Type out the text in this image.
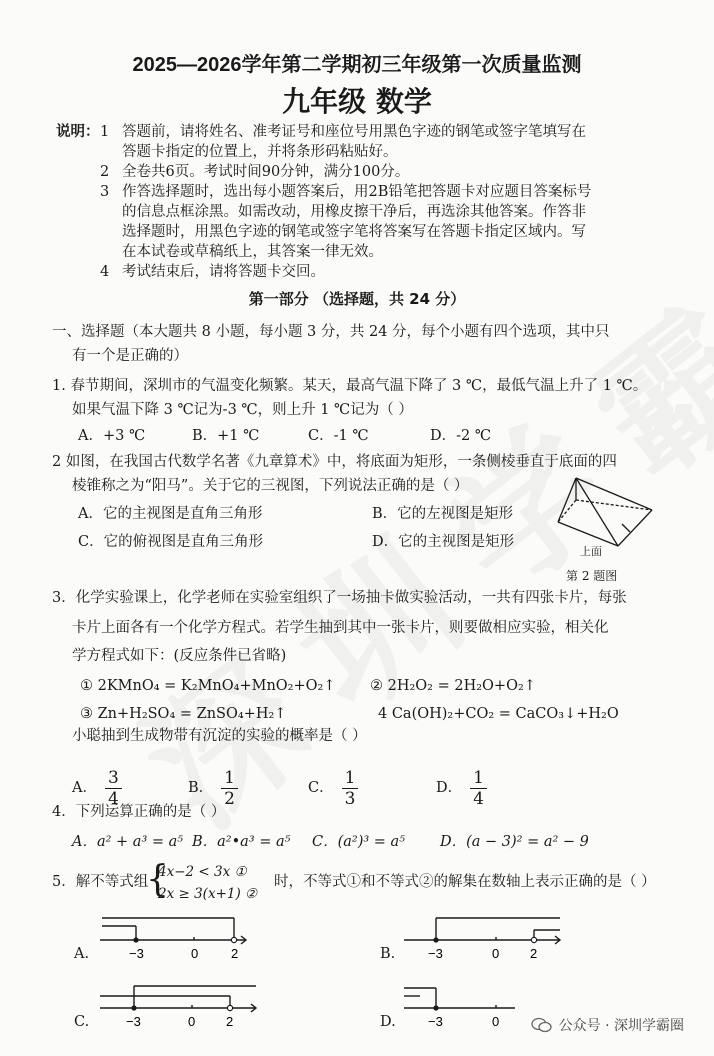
2025—2026学年第二学期初三年级第一次质量监测
九年级 数学
说明： 1 答题前，请将姓名、准考证号和座位号用黑色字迹的钢笔或签字笔填写在
答题卡指定的位置上，并将条形码粘贴好。
2 全卷共6页。考试时间90分钟，满分100分。
3 作答选择题时，选出每小题答案后，用2B铅笔把答题卡对应题目答案标号
的信息点框涂黑。如需改动，用橡皮擦干净后，再选涂其他答案。作答非
选择题时，用黑色字迹的钢笔或签字笔将答案写在答题卡指定区域内。写
在本试卷或草稿纸上，其答案一律无效。
4 考试结束后，请将答题卡交回。
第一部分 （选择题，共 24 分）
一、选择题（本大题共 8 小题，每小题 3 分，共 24 分，每个小题有四个选项，其中只
有一个是正确的）
1. 春节期间，深圳市的气温变化频繁。某天，最高气温下降了 3 ℃，最低气温上升了 1 ℃。
如果气温下降 3 ℃记为-3 ℃，则上升 1 ℃记为（ ）
A．+3 ℃	B．+1 ℃	C．-1 ℃	D．-2 ℃
2 如图，在我国古代数学名著《九章算术》中，将底面为矩形，一条侧棱垂直于底面的四
棱锥称之为“阳马”。关于它的三视图，下列说法正确的是（ ）
A．它的主视图是直角三角形	B．它的左视图是矩形
C．它的俯视图是直角三角形	D．它的主视图是矩形
上面
第 2 题图
3．化学实验课上，化学老师在实验室组织了一场抽卡做实验活动，一共有四张卡片，每张
卡片上面各有一个化学方程式。若学生抽到其中一张卡片，则要做相应实验，相关化
学方程式如下：(反应条件已省略)
① 2KMnO₄ = K₂MnO₄+MnO₂+O₂↑ ② 2H₂O₂ = 2H₂O+O₂↑
③ Zn+H₂SO₄ = ZnSO₄+H₂↑	4 Ca(OH)₂+CO₂ = CaCO₃↓+H₂O
小聪抽到生成物带有沉淀的实验的概率是（ ）
A． $\frac{3}{4}$	B． $\frac{1}{2}$	C． $\frac{1}{3}$	D． $\frac{1}{4}$
4．下列运算正确的是（ ）
A．a² + a³ = a⁵ B．a²•a³ = a⁵ C．(a²)³ = a⁵ D．(a − 3)² = a² − 9
5．解不等式组
{
4x−2 < 3x ①
2x ≥ 3(x+1) ②
时，不等式①和不等式②的解集在数轴上表示正确的是（ ）
A.	−3	0	2	B.	−3	0 2
C.	−3	0 2	D. −3	0	公众号 · 深圳学霸圈
